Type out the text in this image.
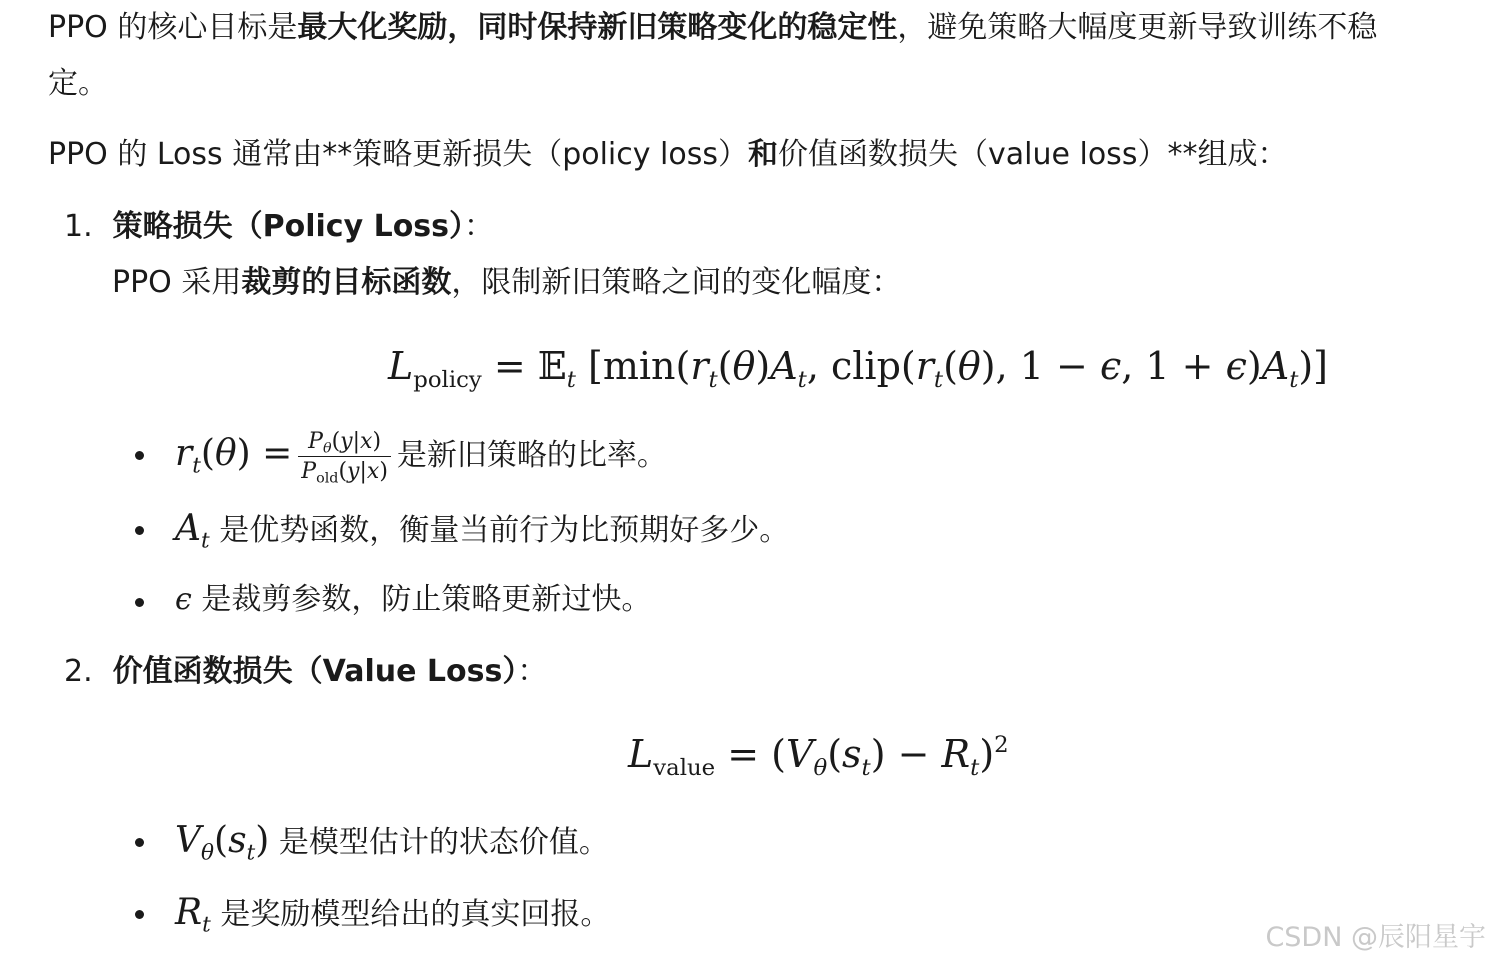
PPO 的核心目标是最大化奖励，同时保持新旧策略变化的稳定性，避免策略大幅度更新导致训练不稳
定。
PPO 的 Loss 通常由**策略更新损失（policy loss）和价值函数损失（value loss）**组成：
1. 策略损失（Policy Loss）：
PPO 采用裁剪的目标函数，限制新旧策略之间的变化幅度：
$L_{policy}$ = 𝔼$_t$ [$\min(r_t(\theta)A_t$, $clip(r_t(\theta)$, 1 − ϵ, $1 + \epsilon)A_t$)]
$r_t(\theta) = \frac{P_\theta(y|x)}{P_{old}(y|x)}$ 是新旧策略的比率。
$A_t$ 是优势函数，衡量当前行为比预期好多少。
ϵ 是裁剪参数，防止策略更新过快。
2. 价值函数损失（Value Loss）：
$L_{value} = (V_\theta(s_t) - R_t)^2$
$V_\theta(s_t)$ 是模型估计的状态价值。
$R_t$ 是奖励模型给出的真实回报。
CSDN @辰阳星宇
